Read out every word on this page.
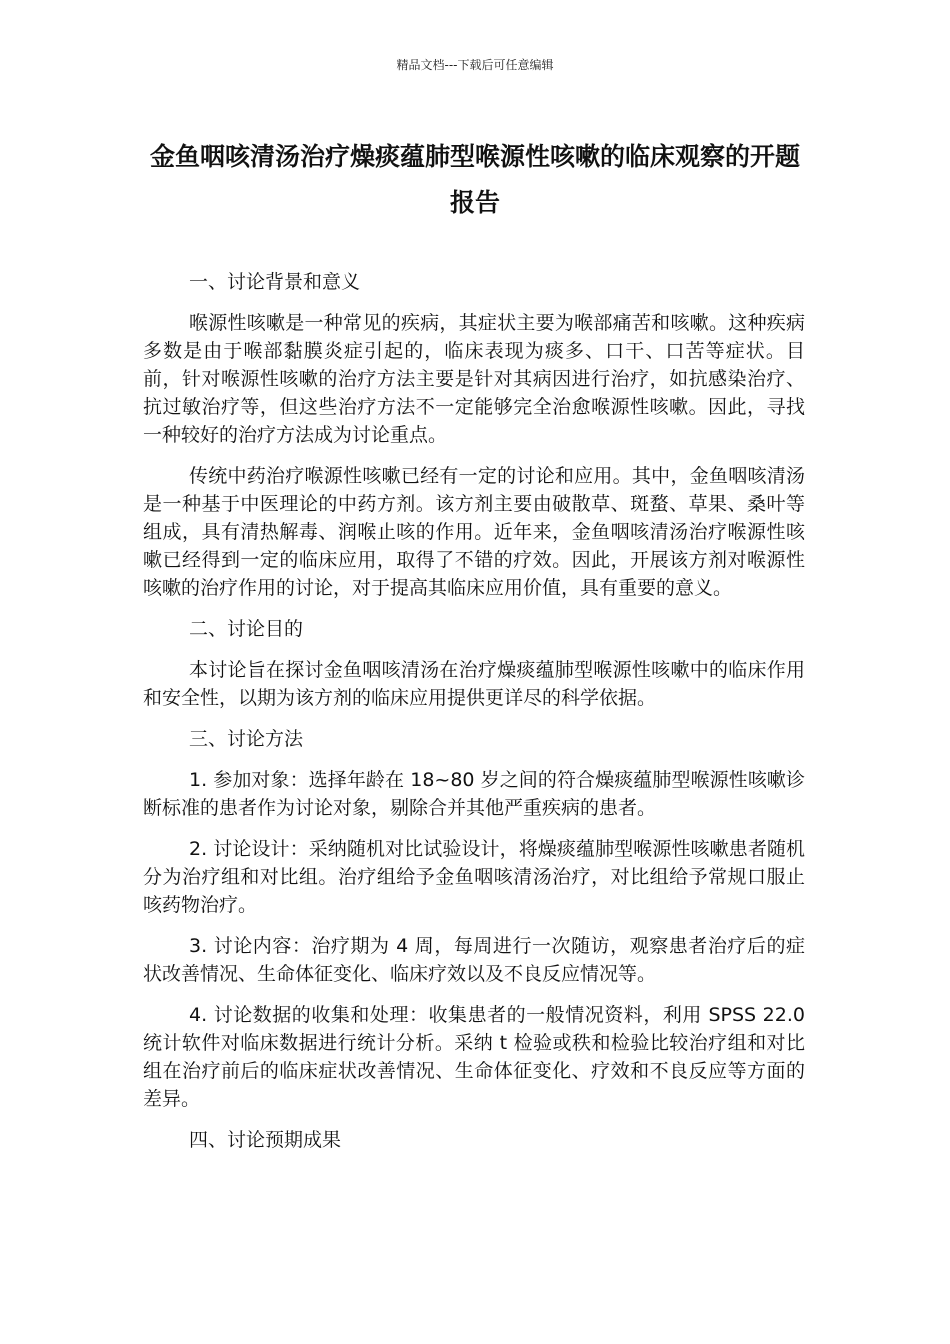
精品文档---下载后可任意编辑
金鱼咽咳清汤治疗燥痰蕴肺型喉源性咳嗽的临床观察的开题报告

一、讨论背景和意义

喉源性咳嗽是一种常见的疾病，其症状主要为喉部痛苦和咳嗽。这种疾病多数是由于喉部黏膜炎症引起的，临床表现为痰多、口干、口苦等症状。目前，针对喉源性咳嗽的治疗方法主要是针对其病因进行治疗，如抗感染治疗、抗过敏治疗等，但这些治疗方法不一定能够完全治愈喉源性咳嗽。因此，寻找一种较好的治疗方法成为讨论重点。

传统中药治疗喉源性咳嗽已经有一定的讨论和应用。其中，金鱼咽咳清汤是一种基于中医理论的中药方剂。该方剂主要由破散草、斑蝥、草果、桑叶等组成，具有清热解毒、润喉止咳的作用。近年来，金鱼咽咳清汤治疗喉源性咳嗽已经得到一定的临床应用，取得了不错的疗效。因此，开展该方剂对喉源性咳嗽的治疗作用的讨论，对于提高其临床应用价值，具有重要的意义。

二、讨论目的

本讨论旨在探讨金鱼咽咳清汤在治疗燥痰蕴肺型喉源性咳嗽中的临床作用和安全性，以期为该方剂的临床应用提供更详尽的科学依据。

三、讨论方法

1. 参加对象：选择年龄在 18~80 岁之间的符合燥痰蕴肺型喉源性咳嗽诊断标准的患者作为讨论对象，剔除合并其他严重疾病的患者。

2. 讨论设计：采纳随机对比试验设计，将燥痰蕴肺型喉源性咳嗽患者随机分为治疗组和对比组。治疗组给予金鱼咽咳清汤治疗，对比组给予常规口服止咳药物治疗。

3. 讨论内容：治疗期为 4 周，每周进行一次随访，观察患者治疗后的症状改善情况、生命体征变化、临床疗效以及不良反应情况等。

4. 讨论数据的收集和处理：收集患者的一般情况资料，利用 SPSS 22.0 统计软件对临床数据进行统计分析。采纳 t 检验或秩和检验比较治疗组和对比组在治疗前后的临床症状改善情况、生命体征变化、疗效和不良反应等方面的差异。

四、讨论预期成果
